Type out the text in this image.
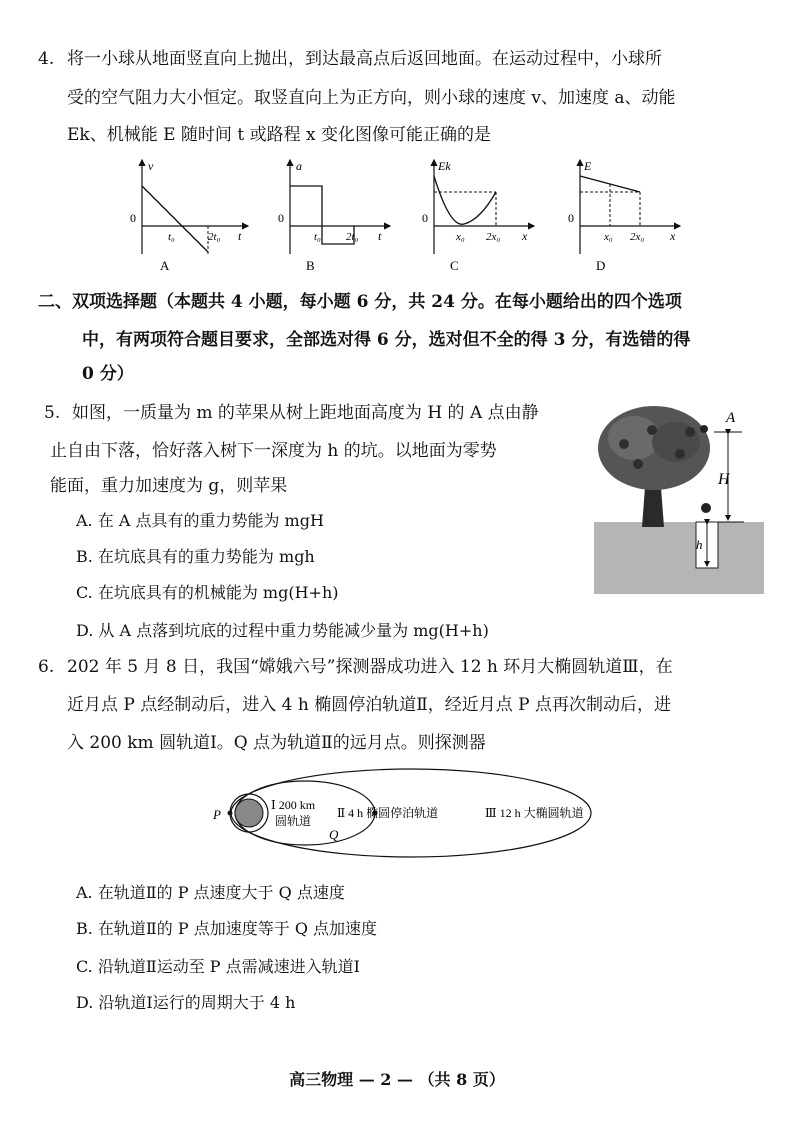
4. 将一小球从地面竖直向上抛出，到达最高点后返回地面。在运动过程中，小球所
受的空气阻力大小恒定。取竖直向上为正方向，则小球的速度 v、加速度 a、动能
Ek、机械能 E 随时间 t 或路程 x 变化图像可能正确的是
v
0
t₀	2t₀ t
A
a
0
t₀ 2t₀ t
B
Ek
0
x₀ 2x₀ x
C
E
0
x₀ 2x₀ x
D
二、双项选择题（本题共 4 小题，每小题 6 分，共 24 分。在每小题给出的四个选项
中，有两项符合题目要求，全部选对得 6 分，选对但不全的得 3 分，有选错的得
0 分）
5. 如图，一质量为 m 的苹果从树上距地面高度为 H 的 A 点由静
止自由下落，恰好落入树下一深度为 h 的坑。以地面为零势
能面，重力加速度为 g，则苹果
A. 在 A 点具有的重力势能为 mgH
B. 在坑底具有的重力势能为 mgh
C. 在坑底具有的机械能为 mg(H+h)
D. 从 A 点落到坑底的过程中重力势能减少量为 mg(H+h)
A
H
h
6. 202 年 5 月 8 日，我国“嫦娥六号”探测器成功进入 12 h 环月大椭圆轨道Ⅲ，在
近月点 P 点经制动后，进入 4 h 椭圆停泊轨道Ⅱ，经近月点 P 点再次制动后，进
入 200 km 圆轨道Ⅰ。Q 点为轨道Ⅱ的远月点。则探测器
P
Q
Ⅰ 200 km
圆轨道
Ⅱ 4 h 椭圆停泊轨道	Ⅲ 12 h 大椭圆轨道
A. 在轨道Ⅱ的 P 点速度大于 Q 点速度
B. 在轨道Ⅱ的 P 点加速度等于 Q 点加速度
C. 沿轨道Ⅱ运动至 P 点需减速进入轨道Ⅰ
D. 沿轨道Ⅰ运行的周期大于 4 h
高三物理 — 2 — （共 8 页）
